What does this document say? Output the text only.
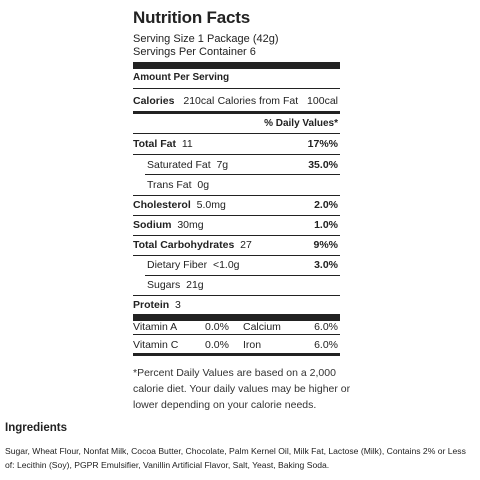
Nutrition Facts
Serving Size 1 Package (42g)
Servings Per Container 6
Amount Per Serving
Calories 210cal Calories from Fat 100cal
% Daily Values*
Total Fat 11	17%%
Saturated Fat 7g	35.0%
Trans Fat 0g
Cholesterol 5.0mg	2.0%
Sodium 30mg	1.0%
Total Carbohydrates 27	9%%
Dietary Fiber <1.0g	3.0%
Sugars 21g
Protein 3
Vitamin A	0.0% Calcium	6.0%
Vitamin C	0.0% Iron	6.0%
*Percent Daily Values are based on a 2,000 calorie diet. Your daily values may be higher or lower depending on your calorie needs.
Ingredients
Sugar, Wheat Flour, Nonfat Milk, Cocoa Butter, Chocolate, Palm Kernel Oil, Milk Fat, Lactose (Milk), Contains 2% or Less of: Lecithin (Soy), PGPR Emulsifier, Vanillin Artificial Flavor, Salt, Yeast, Baking Soda.
